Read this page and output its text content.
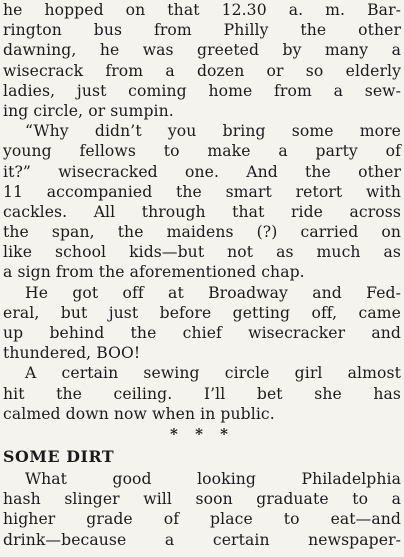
he hopped on that 12.30 a. m. Bar-
rington bus from Philly the other
dawning, he was greeted by many a
wisecrack from a dozen or so elderly
ladies, just coming home from a sew-
ing circle, or sumpin.
“Why didn’t you bring some more
young fellows to make a party of
it?” wisecracked one. And the other
11 accompanied the smart retort with
cackles. All through that ride across
the span, the maidens (?) carried on
like school kids—but not as much as
a sign from the aforementioned chap.
He got off at Broadway and Fed-
eral, but just before getting off, came
up behind the chief wisecracker and
thundered, BOO!
A certain sewing circle girl almost
hit the ceiling. I’ll bet she has
calmed down now when in public.
* * *
SOME DIRT
What good looking Philadelphia
hash slinger will soon graduate to a
higher grade of place to eat—and
drink—because a certain newspaper-
